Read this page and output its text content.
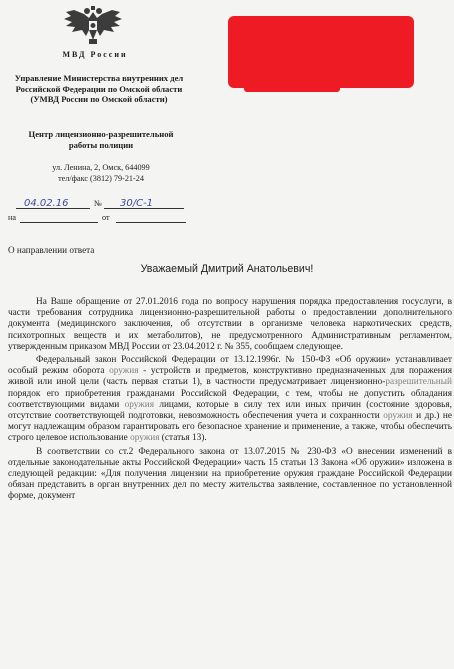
МВД России
Управление Министерства внутренних дел Российской Федерации по Омской области (УМВД России по Омской области)
Центр лицензионно-разрешительной работы полиции
ул. Ленина, 2, Омск, 644099
тел/факс (3812) 79-21-24
04.02.16	№ 30/С-1
на	от
О направлении ответа
Уважаемый Дмитрий Анатольевич!

На Ваше обращение от 27.01.2016 года по вопросу нарушения порядка предоставления госуслуги, в части требования сотрудника лицензионно-разрешительной работы о предоставлении дополнительного документа (медицинского заключения, об отсутствии в организме человека наркотических средств, психотропных веществ и их метаболитов), не предусмотренного Административным регламентом, утвержденным приказом МВД России от 23.04.2012 г. № 355, сообщаем следующее.

Федеральный закон Российской Федерации от 13.12.1996г. № 150-ФЗ «Об оружии» устанавливает особый режим оборота оружия - устройств и предметов, конструктивно предназначенных для поражения живой или иной цели (часть первая статьи 1), в частности предусматривает лицензионно-разрешительный порядок его приобретения гражданами Российской Федерации, с тем, чтобы не допустить обладания соответствующими видами оружия лицами, которые в силу тех или иных причин (состояние здоровья, отсутствие соответствующей подготовки, невозможность обеспечения учета и сохранности оружия и др.) не могут надлежащим образом гарантировать его безопасное хранение и применение, а также, чтобы обеспечить строго целевое использование оружия (статья 13).

В соответствии со ст.2 Федерального закона от 13.07.2015 № 230-ФЗ «О внесении изменений в отдельные законодательные акты Российской Федерации» часть 15 статьи 13 Закона «Об оружии» изложена в следующей редакции: «Для получения лицензии на приобретение оружия граждане Российской Федерации обязан представить в орган внутренних дел по месту жительства заявление, составленное по установленной форме, документ
